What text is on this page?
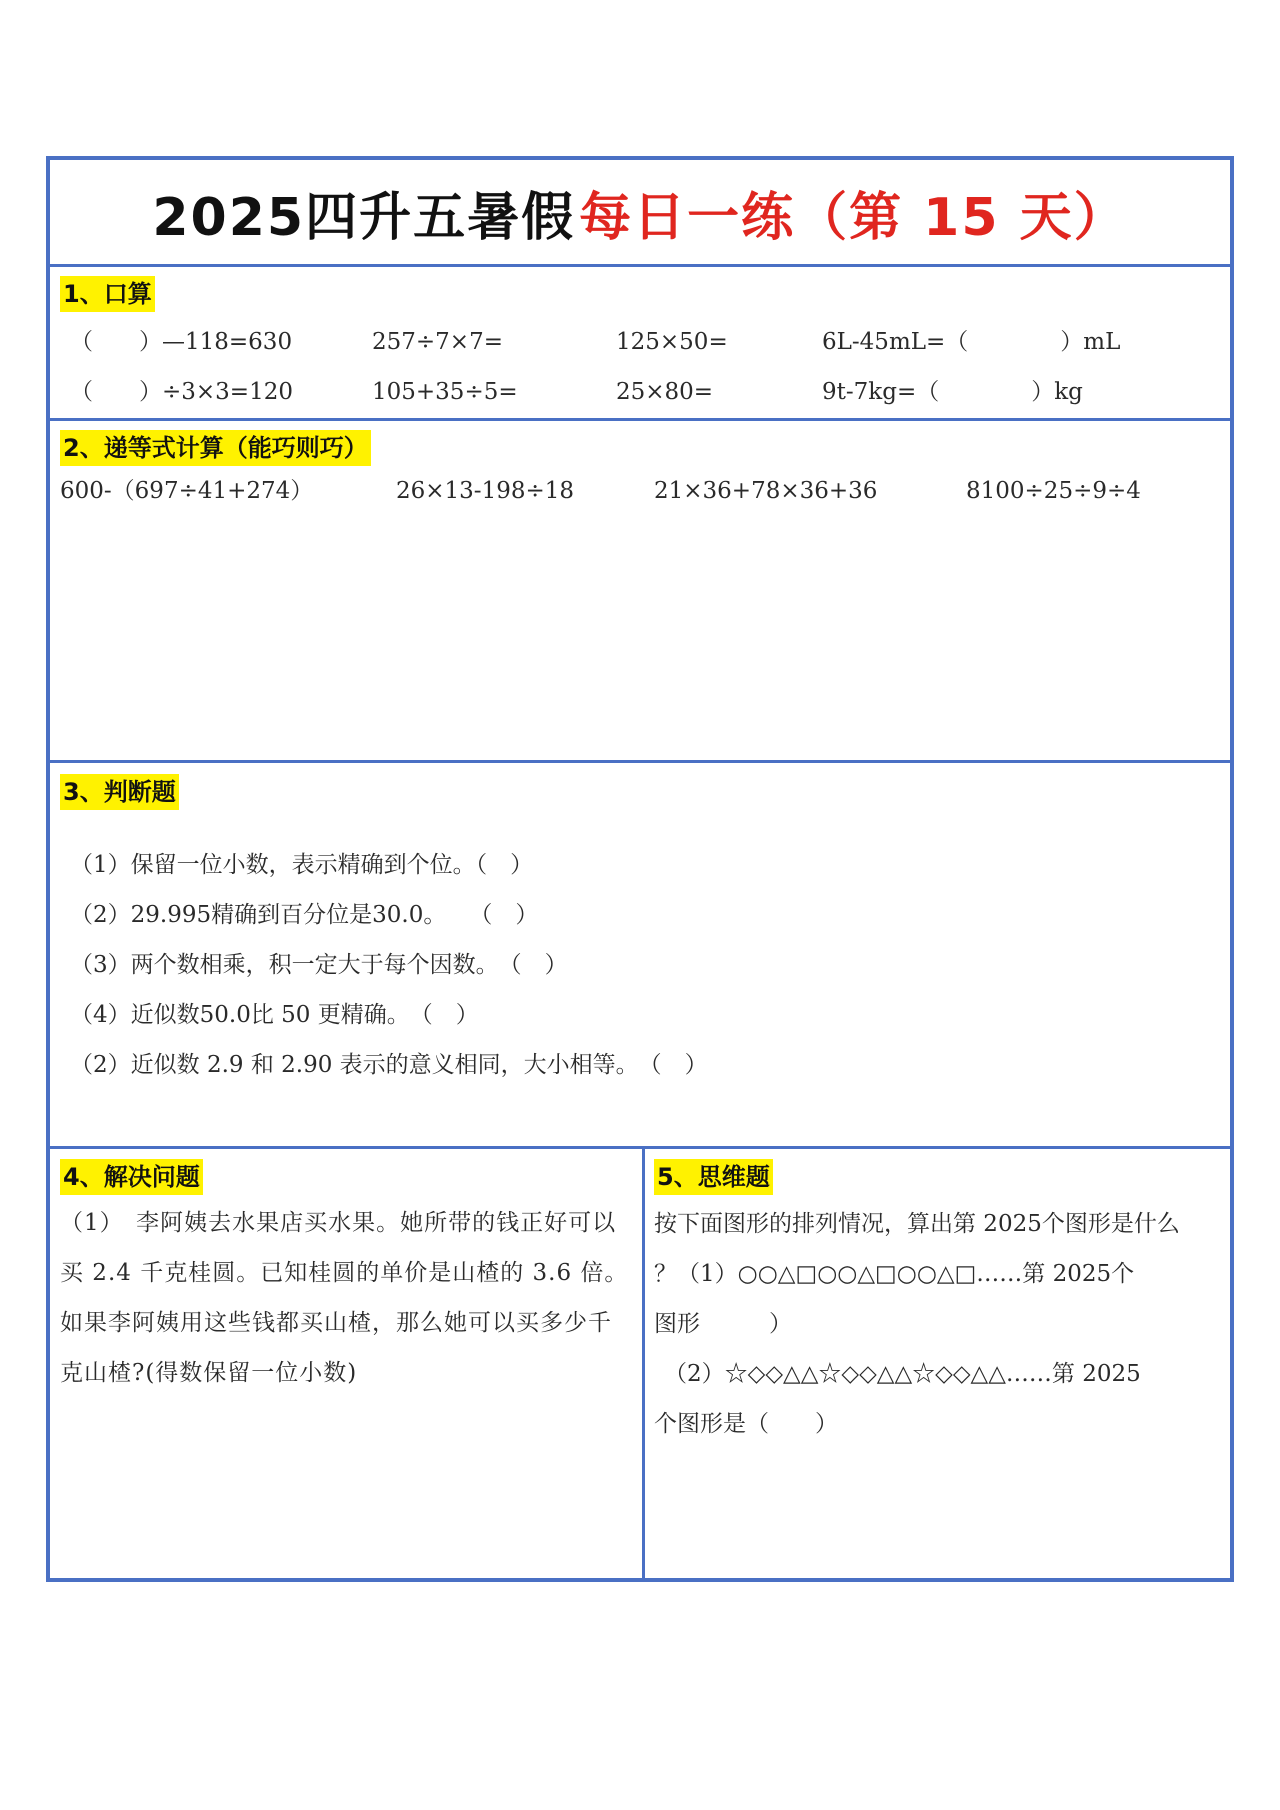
2025四升五暑假 每日一练（第 15 天）
1、口算
（　　）—118=630	257÷7×7=	125×50=	6L-45mL=（　　　　）mL
（　　）÷3×3=120	105+35÷5=	25×80=	9t-7kg=（　　　　）kg
2、递等式计算（能巧则巧）
600-（697÷41+274）	26×13-198÷18	21×36+78×36+36	8100÷25÷9÷4
3、判断题
（1）保留一位小数，表示精确到个位。（　）
（2）29.995精确到百分位是30.0。　　（　）
（3）两个数相乘，积一定大于每个因数。　（　）
（4）近似数50.0比 50 更精确。　（　）
（2）近似数 2.9 和 2.90 表示的意义相同，大小相等。　（　）
4、解决问题
（1）　李阿姨去水果店买水果。她所带的钱正好可以买 2.4 千克桂圆。已知桂圆的单价是山楂的 3.6 倍。如果李阿姨用这些钱都买山楂，那么她可以买多少千克山楂?(得数保留一位小数)
5、思维题
按下面图形的排列情况，算出第 2025个图形是什么
？（1）○○△□○○△□○○△□……第 2025个
图形　　　）
（2）☆◇◇△△☆◇◇△△☆◇◇△△……第 2025
个图形是（　　）
